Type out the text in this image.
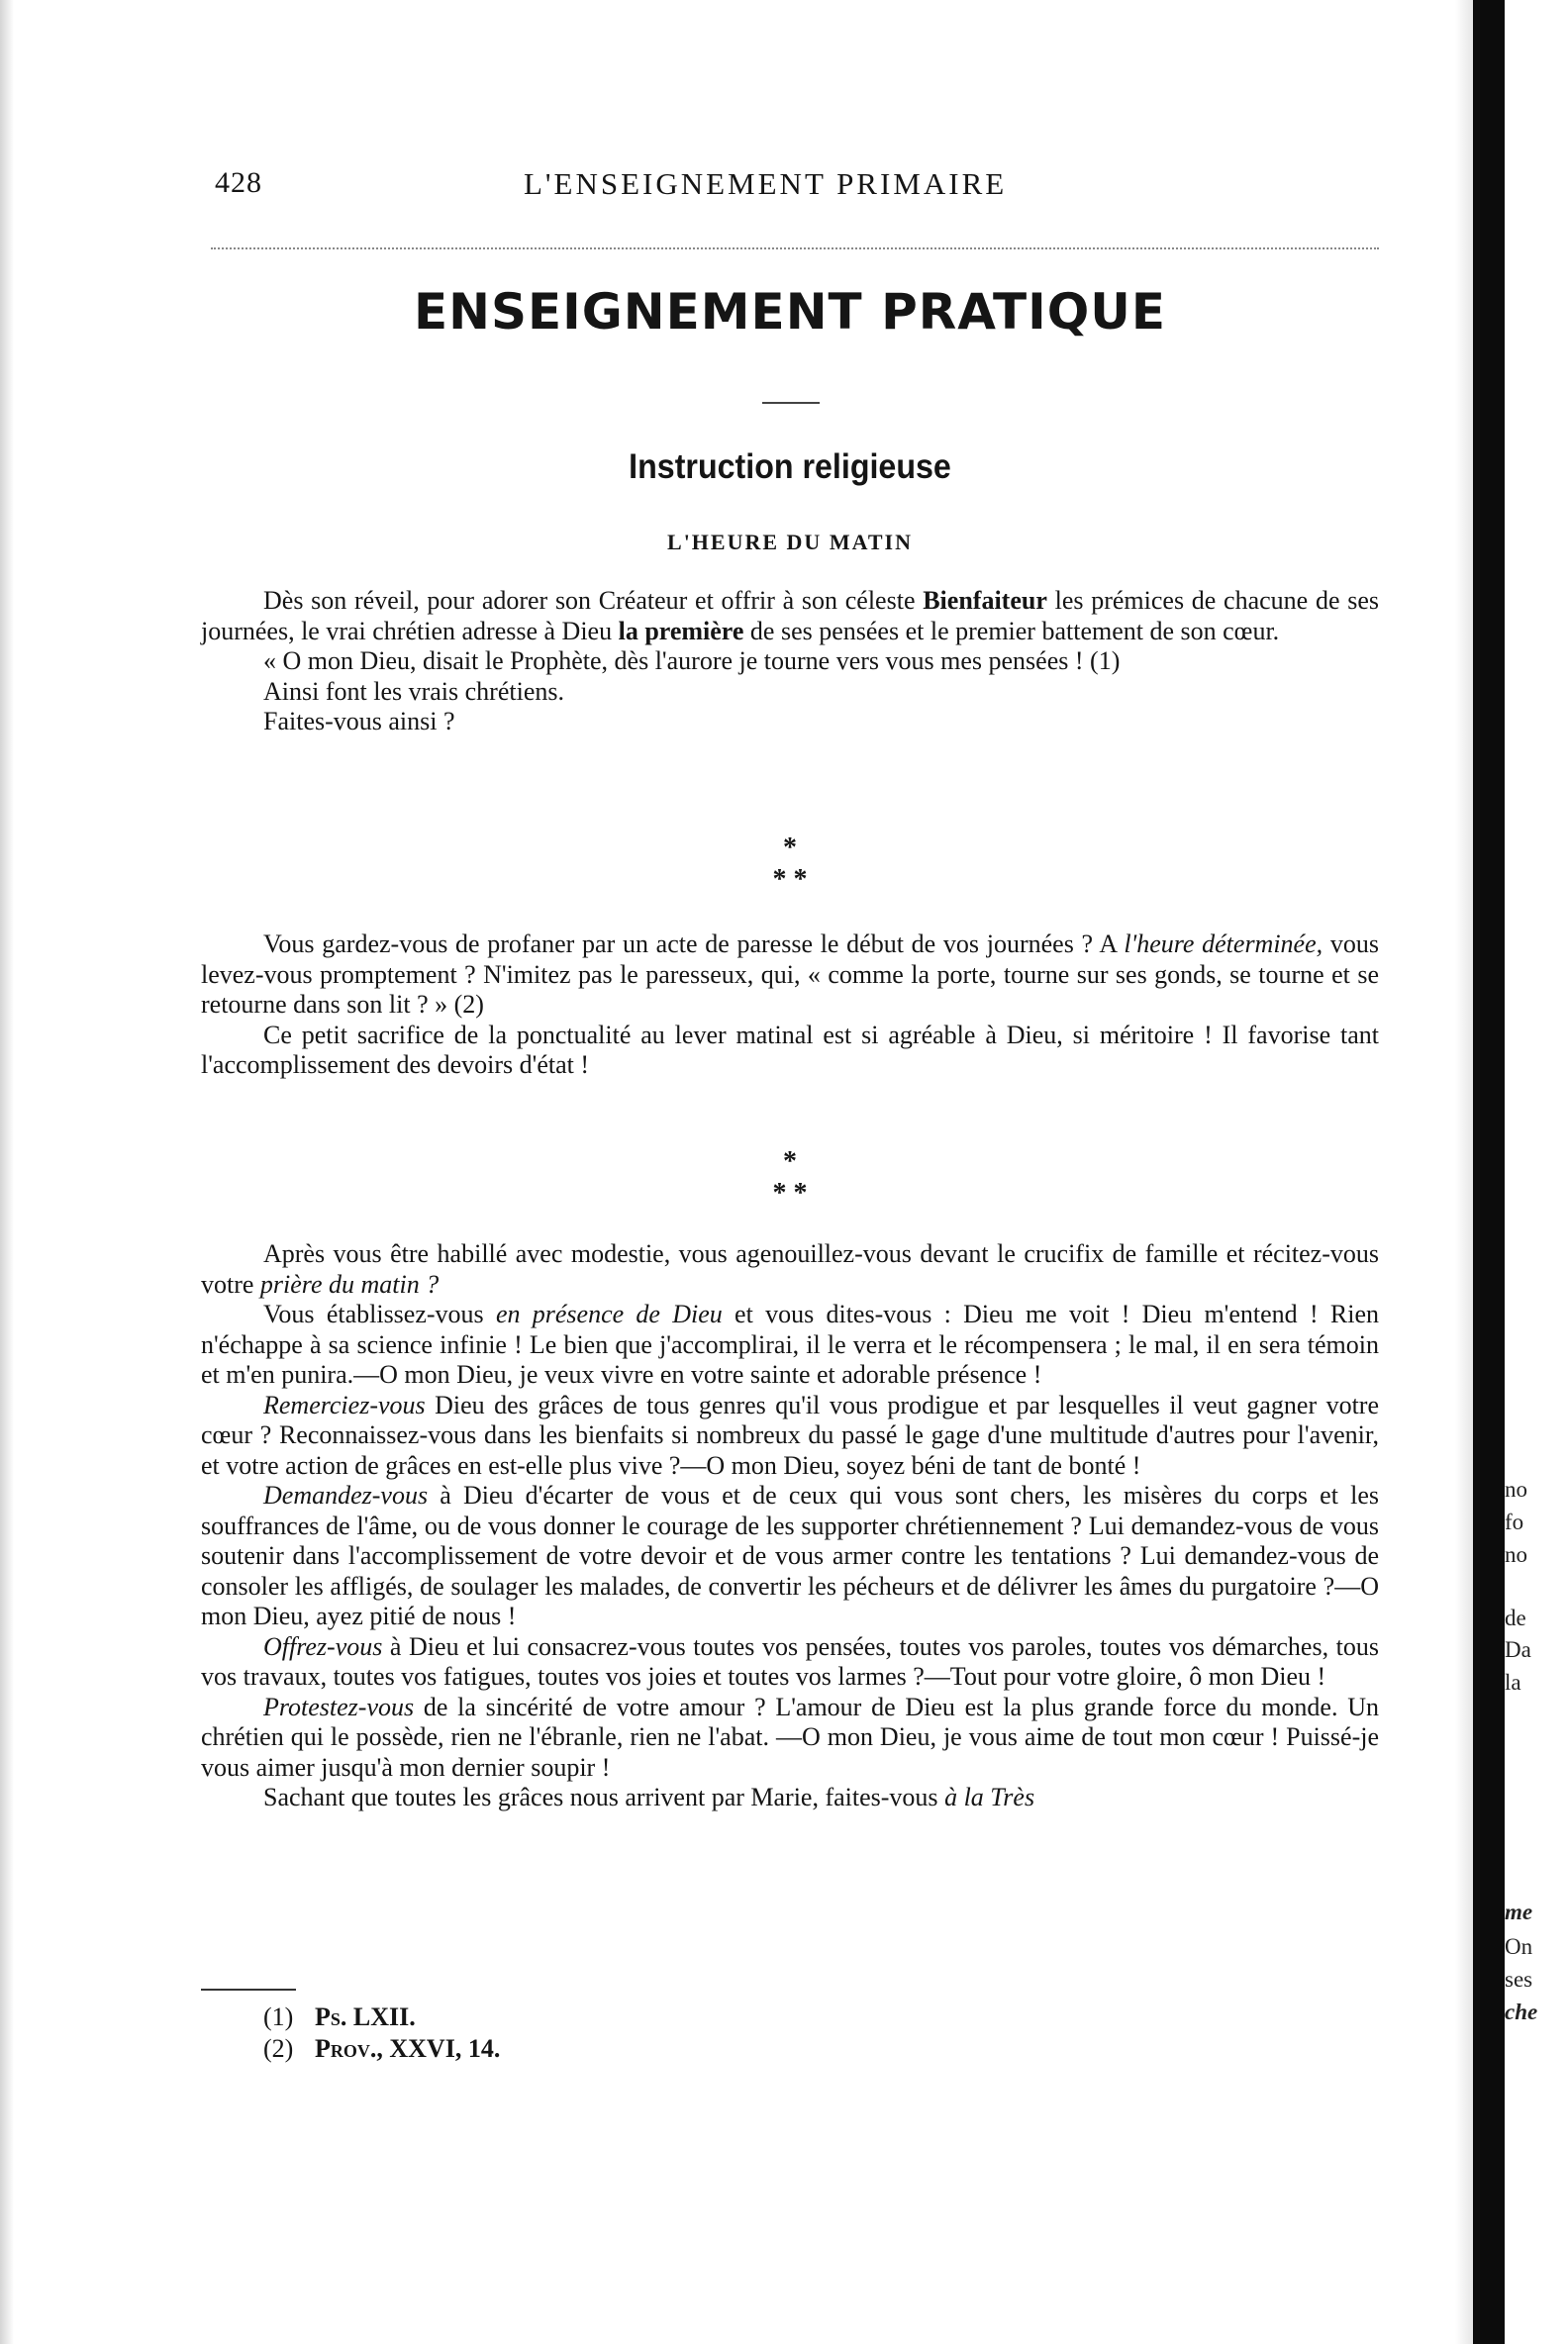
no
fo
no
de
Da
la
me
On
ses
che
428	L'ENSEIGNEMENT PRIMAIRE
ENSEIGNEMENT PRATIQUE
Instruction religieuse
L'HEURE DU MATIN

Dès son réveil, pour adorer son Créateur et offrir à son céleste Bienfaiteur les prémices de chacune de ses journées, le vrai chrétien adresse à Dieu la première de ses pensées et le premier battement de son cœur.

« O mon Dieu, disait le Prophète, dès l'aurore je tourne vers vous mes pensées ! (1)

Ainsi font les vrais chrétiens.

Faites-vous ainsi ?

*
* *

Vous gardez-vous de profaner par un acte de paresse le début de vos journées ? A l'heure déterminée, vous levez-vous promptement ? N'imitez pas le paresseux, qui, « comme la porte, tourne sur ses gonds, se tourne et se retourne dans son lit ? » (2)

Ce petit sacrifice de la ponctualité au lever matinal est si agréable à Dieu, si méritoire ! Il favorise tant l'accomplissement des devoirs d'état !

*
* *

Après vous être habillé avec modestie, vous agenouillez-vous devant le crucifix de famille et récitez-vous votre prière du matin ?

Vous établissez-vous en présence de Dieu et vous dites-vous : Dieu me voit ! Dieu m'entend ! Rien n'échappe à sa science infinie ! Le bien que j'accomplirai, il le verra et le récompensera ; le mal, il en sera témoin et m'en punira.—O mon Dieu, je veux vivre en votre sainte et adorable présence !

Remerciez-vous Dieu des grâces de tous genres qu'il vous prodigue et par lesquelles il veut gagner votre cœur ? Reconnaissez-vous dans les bienfaits si nombreux du passé le gage d'une multitude d'autres pour l'avenir, et votre action de grâces en est-elle plus vive ?—O mon Dieu, soyez béni de tant de bonté !

Demandez-vous à Dieu d'écarter de vous et de ceux qui vous sont chers, les misères du corps et les souffrances de l'âme, ou de vous donner le courage de les supporter chrétiennement ? Lui demandez-vous de vous soutenir dans l'accomplissement de votre devoir et de vous armer contre les tentations ? Lui demandez-vous de consoler les affligés, de soulager les malades, de convertir les pécheurs et de délivrer les âmes du purgatoire ?—O mon Dieu, ayez pitié de nous !

Offrez-vous à Dieu et lui consacrez-vous toutes vos pensées, toutes vos paroles, toutes vos démarches, tous vos travaux, toutes vos fatigues, toutes vos joies et toutes vos larmes ?—Tout pour votre gloire, ô mon Dieu !

Protestez-vous de la sincérité de votre amour ? L'amour de Dieu est la plus grande force du monde. Un chrétien qui le possède, rien ne l'ébranle, rien ne l'abat. —O mon Dieu, je vous aime de tout mon cœur ! Puissé-je vous aimer jusqu'à mon dernier soupir !

Sachant que toutes les grâces nous arrivent par Marie, faites-vous à la Très

(1) Ps. LXII.

(2) Prov., XXVI, 14.
